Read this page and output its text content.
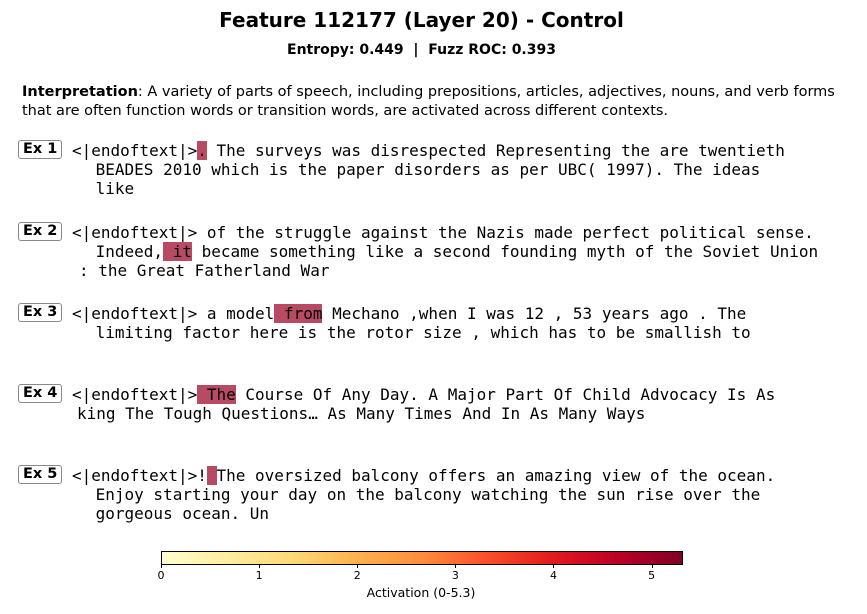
Feature 112177 (Layer 20) - Control
Entropy: 0.449  |  Fuzz ROC: 0.393
Interpretation: A variety of parts of speech, including prepositions, articles, adjectives, nouns, and verb forms that are often function words or transition words, are activated across different contexts.
Ex 1 <|endoftext|>. The surveys was disrespected Representing the are twentieth
BEADES 2010 which is the paper disorders as per UBC( 1997). The ideas
like
Ex 2 <|endoftext|> of the struggle against the Nazis made perfect political sense.
Indeed, it became something like a second founding myth of the Soviet Union
: the Great Fatherland War
Ex 3 <|endoftext|> a model from Mechano ,when I was 12 , 53 years ago . The
limiting factor here is the rotor size , which has to be smallish to
Ex 4 <|endoftext|> The Course Of Any Day. A Major Part Of Child Advocacy Is As
king The Tough Questions… As Many Times And In As Many Ways
Ex 5 <|endoftext|>! The oversized balcony offers an amazing view of the ocean.
Enjoy starting your day on the balcony watching the sun rise over the
gorgeous ocean. Un
0	1	2	3	4	5
Activation (0-5.3)
